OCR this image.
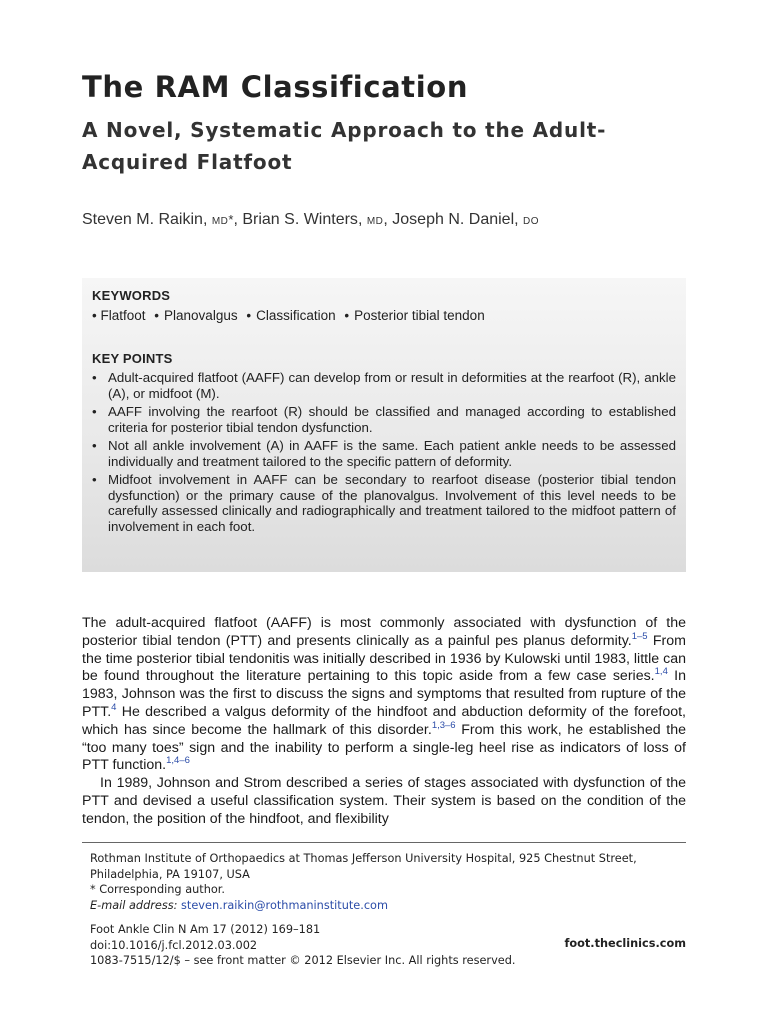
The RAM Classification
A Novel, Systematic Approach to the Adult-Acquired Flatfoot

Steven M. Raikin, MD*, Brian S. Winters, MD, Joseph N. Daniel, DO

KEYWORDS

• Flatfoot • Planovalgus • Classification • Posterior tibial tendon

KEY POINTS

• Adult-acquired flatfoot (AAFF) can develop from or result in deformities at the rearfoot (R), ankle (A), or midfoot (M).
• AAFF involving the rearfoot (R) should be classified and managed according to established criteria for posterior tibial tendon dysfunction.
• Not all ankle involvement (A) in AAFF is the same. Each patient ankle needs to be assessed individually and treatment tailored to the specific pattern of deformity.
• Midfoot involvement in AAFF can be secondary to rearfoot disease (posterior tibial tendon dysfunction) or the primary cause of the planovalgus. Involvement of this level needs to be carefully assessed clinically and radiographically and treatment tailored to the midfoot pattern of involvement in each foot.

The adult-acquired flatfoot (AAFF) is most commonly associated with dysfunction of the posterior tibial tendon (PTT) and presents clinically as a painful pes planus deformity.$^{1-5}$ From the time posterior tibial tendonitis was initially described in 1936 by Kulowski until 1983, little can be found throughout the literature pertaining to this topic aside from a few case series.$^{1,4}$ In 1983, Johnson was the first to discuss the signs and symptoms that resulted from rupture of the PTT.$^4$ He described a valgus deformity of the hindfoot and abduction deformity of the forefoot, which has since become the hallmark of this disorder.$^{1,3-6}$ From this work, he established the “too many toes” sign and the inability to perform a single-leg heel rise as indicators of loss of PTT function.$^{1,4-6}$

In 1989, Johnson and Strom described a series of stages associated with dysfunction of the PTT and devised a useful classification system. Their system is based on the condition of the tendon, the position of the hindfoot, and flexibility

Rothman Institute of Orthopaedics at Thomas Jefferson University Hospital, 925 Chestnut Street, Philadelphia, PA 19107, USA

* Corresponding author.

E-mail address: steven.raikin@rothmaninstitute.com

Foot Ankle Clin N Am 17 (2012) 169–181

doi:10.1016/j.fcl.2012.03.002

1083-7515/12/$ – see front matter © 2012 Elsevier Inc. All rights reserved.

foot.theclinics.com
